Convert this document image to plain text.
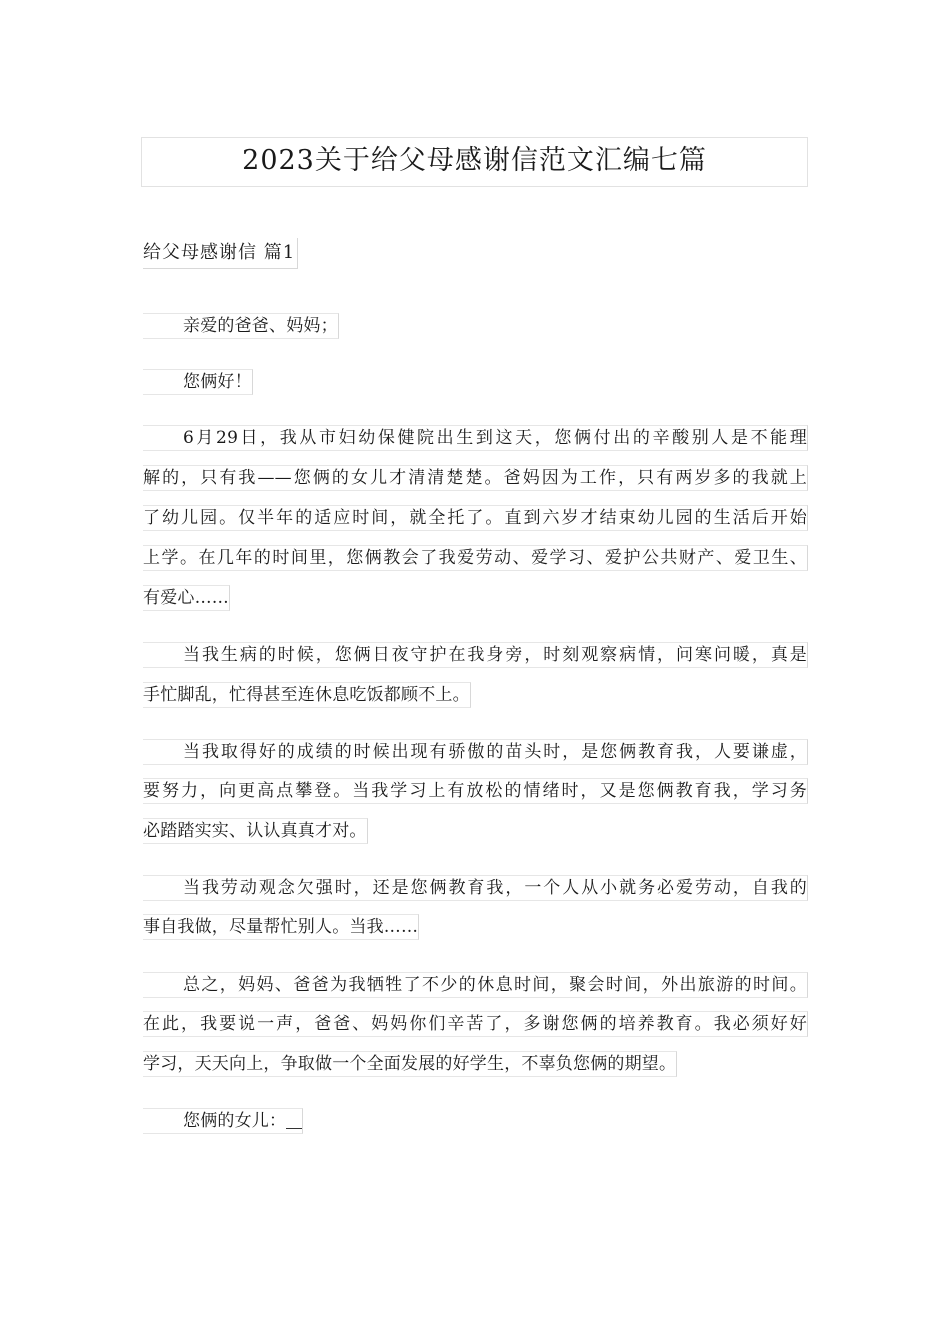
2023关于给父母感谢信范文汇编七篇
给父母感谢信 篇1
亲爱的爸爸、妈妈；
您俩好！
6月29日，我从市妇幼保健院出生到这天，您俩付出的辛酸别人是不能理
解的，只有我——您俩的女儿才清清楚楚。爸妈因为工作，只有两岁多的我就上
了幼儿园。仅半年的适应时间，就全托了。直到六岁才结束幼儿园的生活后开始
上学。在几年的时间里，您俩教会了我爱劳动、爱学习、爱护公共财产、爱卫生、
有爱心……
当我生病的时候，您俩日夜守护在我身旁，时刻观察病情，问寒问暖，真是
手忙脚乱，忙得甚至连休息吃饭都顾不上。
当我取得好的成绩的时候出现有骄傲的苗头时，是您俩教育我，人要谦虚，
要努力，向更高点攀登。当我学习上有放松的情绪时，又是您俩教育我，学习务
必踏踏实实、认认真真才对。
当我劳动观念欠强时，还是您俩教育我，一个人从小就务必爱劳动，自我的
事自我做，尽量帮忙别人。当我……
总之，妈妈、爸爸为我牺牲了不少的休息时间，聚会时间，外出旅游的时间。
在此，我要说一声，爸爸、妈妈你们辛苦了，多谢您俩的培养教育。我必须好好
学习，天天向上，争取做一个全面发展的好学生，不辜负您俩的期望。
您俩的女儿：
